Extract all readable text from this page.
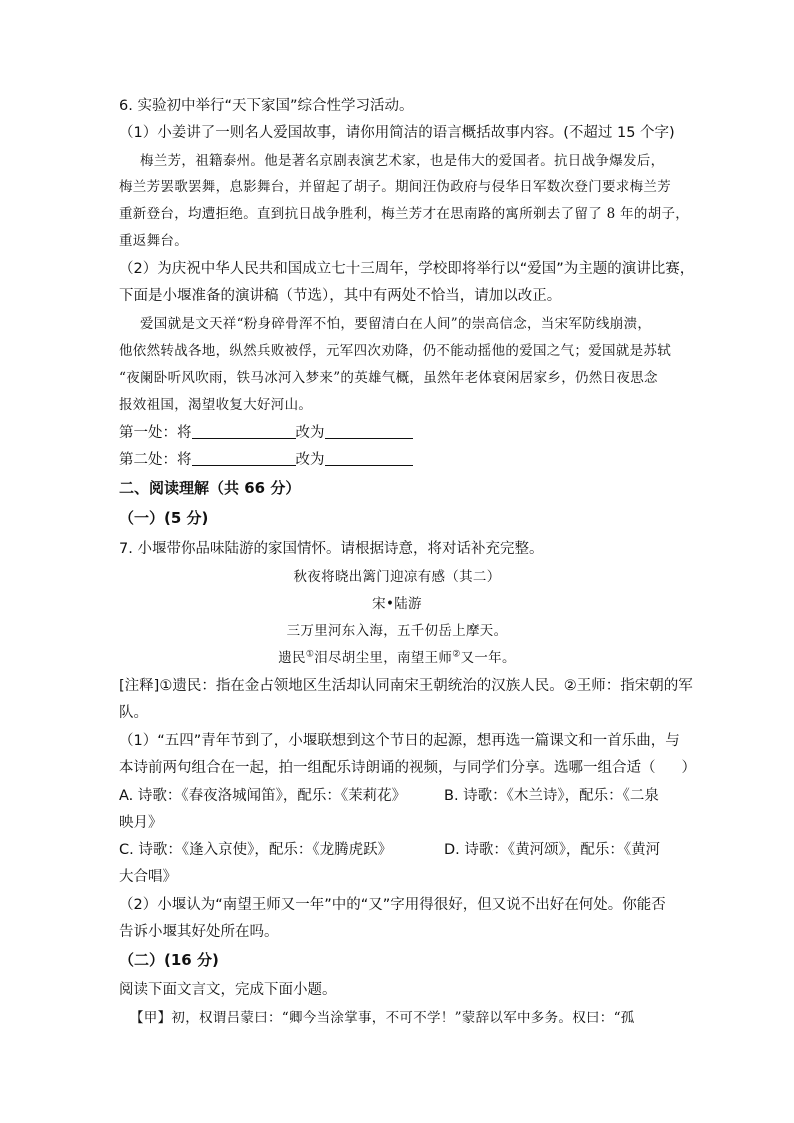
6. 实验初中举行“天下家国”综合性学习活动。
（1）小姜讲了一则名人爱国故事，请你用简洁的语言概括故事内容。(不超过 15 个字)
梅兰芳，祖籍泰州。他是著名京剧表演艺术家，也是伟大的爱国者。抗日战争爆发后，
梅兰芳罢歌罢舞，息影舞台，并留起了胡子。期间汪伪政府与侵华日军数次登门要求梅兰芳
重新登台，均遭拒绝。直到抗日战争胜利，梅兰芳才在思南路的寓所剃去了留了 8 年的胡子，
重返舞台。
（2）为庆祝中华人民共和国成立七十三周年，学校即将举行以“爱国”为主题的演讲比赛，
下面是小堰准备的演讲稿（节选），其中有两处不恰当，请加以改正。
爱国就是文天祥“粉身碎骨浑不怕，要留清白在人间”的崇高信念，当宋军防线崩溃，
他依然转战各地，纵然兵败被俘，元军四次劝降，仍不能动摇他的爱国之气；爱国就是苏轼
“夜阑卧听风吹雨，铁马冰河入梦来”的英雄气概，虽然年老体衰闲居家乡，仍然日夜思念
报效祖国，渴望收复大好河山。
第一处：将	改为
第二处：将	改为
二、阅读理解（共 66 分）
（一）(5 分)
7. 小堰带你品味陆游的家国情怀。请根据诗意，将对话补充完整。
秋夜将晓出篱门迎凉有感（其二）
宋•陆游
三万里河东入海，五千仞岳上摩天。
遗民①泪尽胡尘里，南望王师②又一年。
[注释]①遗民：指在金占领地区生活却认同南宋王朝统治的汉族人民。②王师：指宋朝的军
队。
（1）“五四”青年节到了，小堰联想到这个节日的起源，想再选一篇课文和一首乐曲，与
本诗前两句组合在一起，拍一组配乐诗朗诵的视频，与同学们分享。选哪一组合适（ ）
A. 诗歌：《春夜洛城闻笛》，配乐：《茉莉花》	B. 诗歌：《木兰诗》，配乐：《二泉
映月》
C. 诗歌：《逢入京使》，配乐：《龙腾虎跃》	D. 诗歌：《黄河颂》，配乐：《黄河
大合唱》
（2）小堰认为“南望王师又一年”中的“又”字用得很好，但又说不出好在何处。你能否
告诉小堰其好处所在吗。
（二）(16 分)
阅读下面文言文，完成下面小题。
【甲】初，权谓吕蒙曰：“卿今当涂掌事，不可不学！”蒙辞以军中多务。权曰：“孤
